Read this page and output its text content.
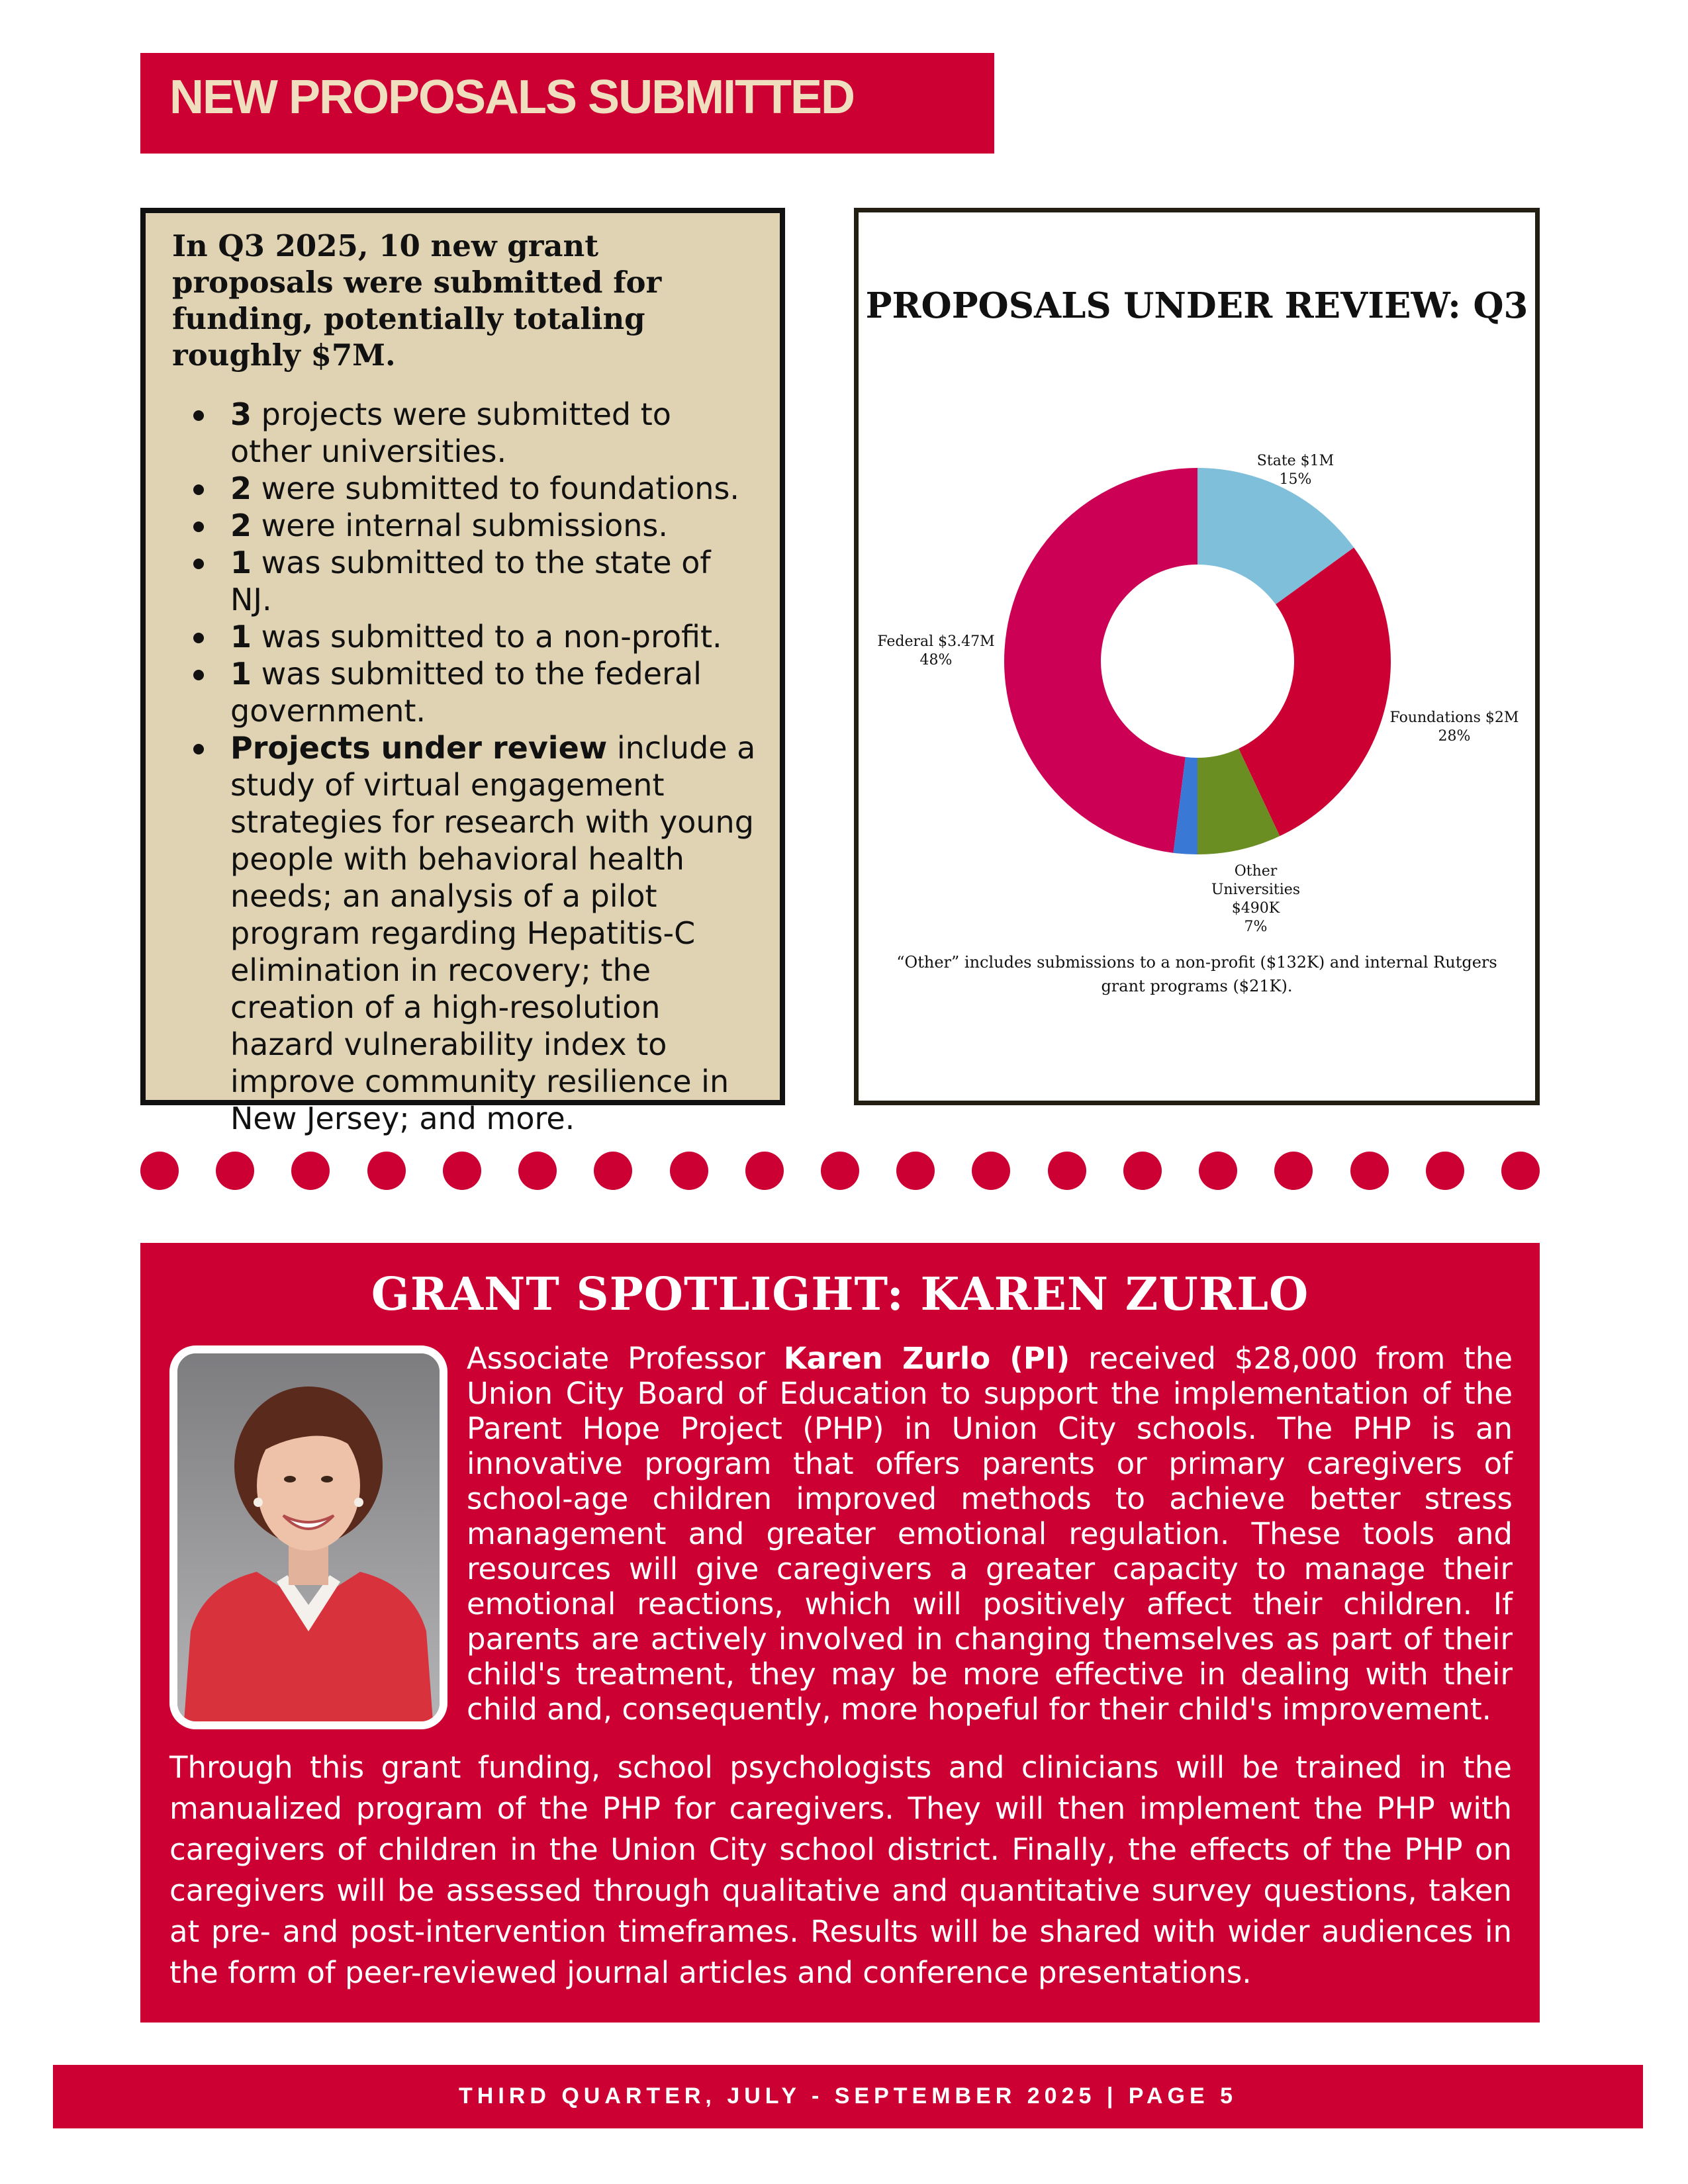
NEW PROPOSALS SUBMITTED

In Q3 2025, 10 new grant proposals were submitted for funding, potentially totaling roughly $7M.

3 projects were submitted to other universities.
2 were submitted to foundations.
2 were internal submissions.
1 was submitted to the state of NJ.
1 was submitted to a non-profit.
1 was submitted to the federal government.
Projects under review include a study of virtual engagement strategies for research with young people with behavioral health needs; an analysis of a pilot program regarding Hepatitis-C elimination in recovery; the creation of a high-resolution hazard vulnerability index to improve community resilience in New Jersey; and more.
PROPOSALS UNDER REVIEW: Q3
State $1M 15%
Foundations $2M 28%
Other Universities $490K 7%
Federal $3.47M 48%
“Other” includes submissions to a non-profit ($132K) and internal Rutgers grant programs ($21K).
GRANT SPOTLIGHT: KAREN ZURLO

Associate Professor Karen Zurlo (PI) received $28,000 from the Union City Board of Education to support the implementation of the Parent Hope Project (PHP) in Union City schools. The PHP is an innovative program that offers parents or primary caregivers of school-age children improved methods to achieve better stress management and greater emotional regulation. These tools and resources will give caregivers a greater capacity to manage their emotional reactions, which will positively affect their children. If parents are actively involved in changing themselves as part of their child's treatment, they may be more effective in dealing with their child and, consequently, more hopeful for their child's improvement.

Through this grant funding, school psychologists and clinicians will be trained in the manualized program of the PHP for caregivers. They will then implement the PHP with caregivers of children in the Union City school district. Finally, the effects of the PHP on caregivers will be assessed through qualitative and quantitative survey questions, taken at pre- and post-intervention timeframes. Results will be shared with wider audiences in the form of peer-reviewed journal articles and conference presentations.

THIRD QUARTER, JULY - SEPTEMBER 2025 | PAGE 5
